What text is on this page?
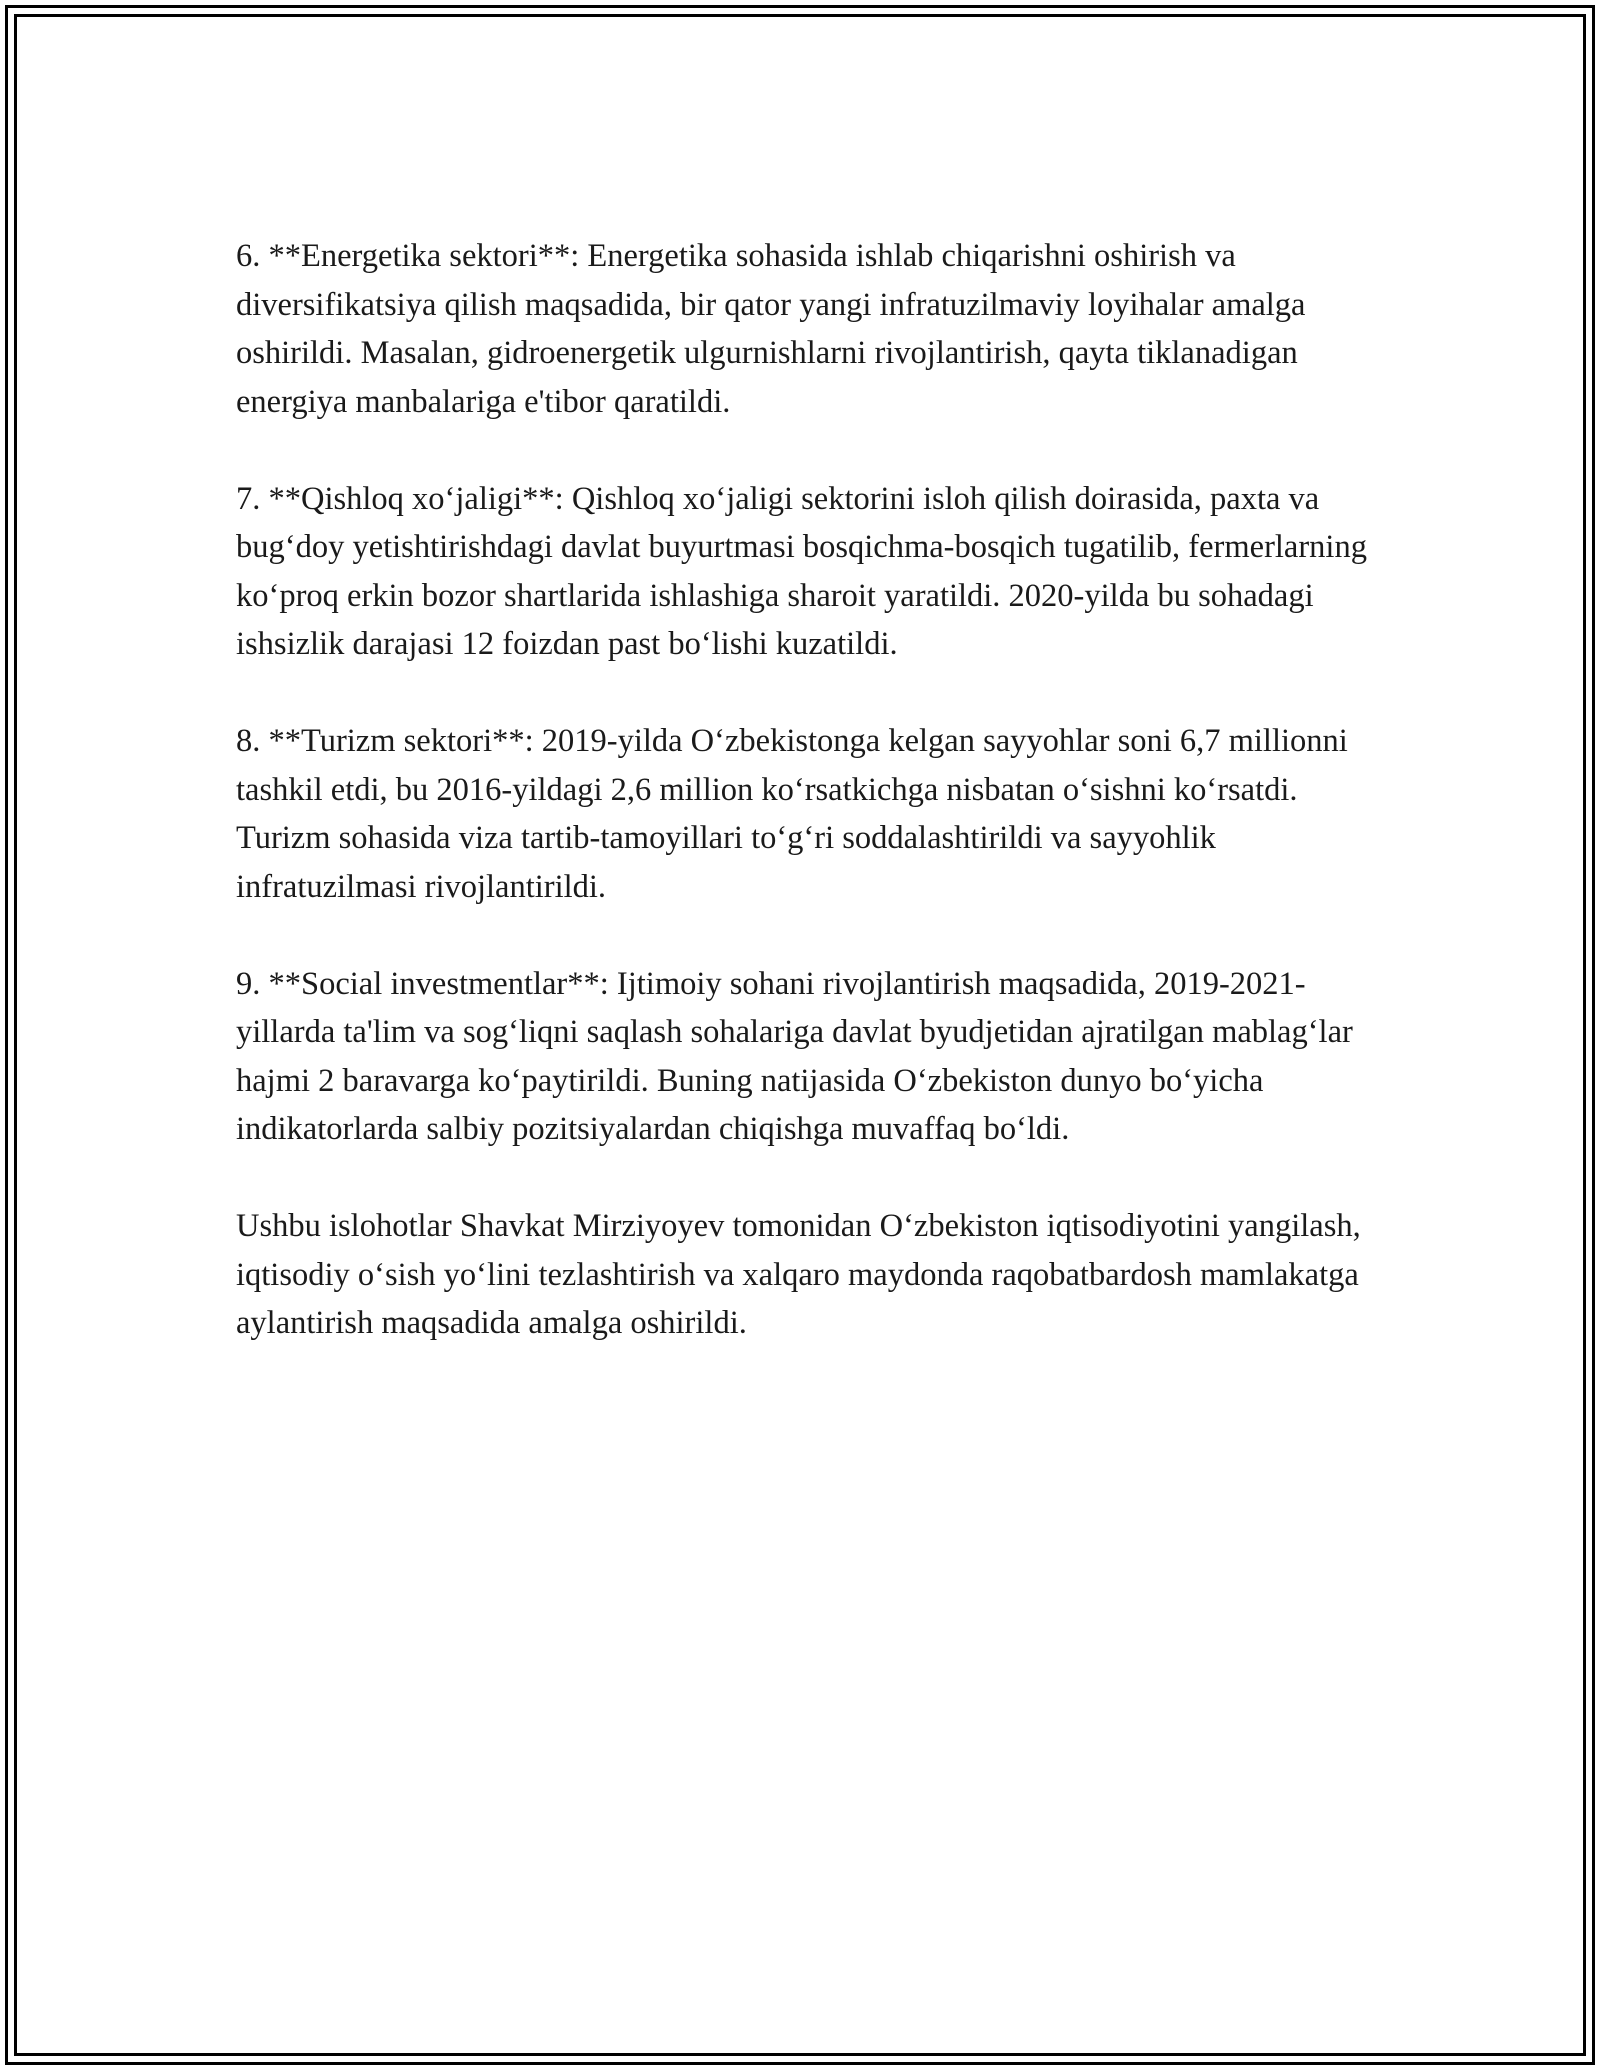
6. **Energetika sektori**: Energetika sohasida ishlab chiqarishni oshirish va diversifikatsiya qilish maqsadida, bir qator yangi infratuzilmaviy loyihalar amalga oshirildi. Masalan, gidroenergetik ulgurnishlarni rivojlantirish, qayta tiklanadigan energiya manbalariga e'tibor qaratildi.

7. **Qishloq xo‘jaligi**: Qishloq xo‘jaligi sektorini isloh qilish doirasida, paxta va bug‘doy yetishtirishdagi davlat buyurtmasi bosqichma-bosqich tugatilib, fermerlarning ko‘proq erkin bozor shartlarida ishlashiga sharoit yaratildi. 2020-yilda bu sohadagi ishsizlik darajasi 12 foizdan past bo‘lishi kuzatildi.

8. **Turizm sektori**: 2019-yilda O‘zbekistonga kelgan sayyohlar soni 6,7 millionni tashkil etdi, bu 2016-yildagi 2,6 million ko‘rsatkichga nisbatan o‘sishni ko‘rsatdi. Turizm sohasida viza tartib-tamoyillari to‘g‘ri soddalashtirildi va sayyohlik infratuzilmasi rivojlantirildi.

9. **Social investmentlar**: Ijtimoiy sohani rivojlantirish maqsadida, 2019-2021-yillarda ta'lim va sog‘liqni saqlash sohalariga davlat byudjetidan ajratilgan mablag‘lar hajmi 2 baravarga ko‘paytirildi. Buning natijasida O‘zbekiston dunyo bo‘yicha indikatorlarda salbiy pozitsiyalardan chiqishga muvaffaq bo‘ldi.

Ushbu islohotlar Shavkat Mirziyoyev tomonidan O‘zbekiston iqtisodiyotini yangilash, iqtisodiy o‘sish yo‘lini tezlashtirish va xalqaro maydonda raqobatbardosh mamlakatga aylantirish maqsadida amalga oshirildi.
